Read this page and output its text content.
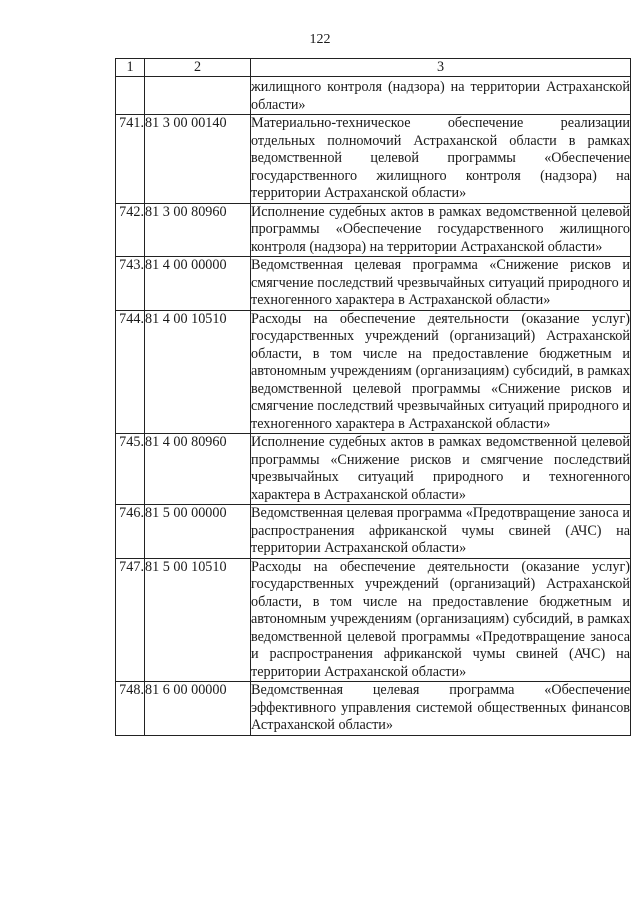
122
1	2	3
		жилищного контроля (надзора) на территории Астраханской области»
741.	81 3 00 00140	Материально-техническое обеспечение реализации отдельных полномочий Астраханской области в рамках ведомственной целевой программы «Обеспечение государственного жилищного контроля (надзора) на территории Астраханской области»
742.	81 3 00 80960	Исполнение судебных актов в рамках ведомственной целевой программы «Обеспечение государственного жилищного контроля (надзора) на территории Астраханской области»
743.	81 4 00 00000	Ведомственная целевая программа «Снижение рисков и смягчение последствий чрезвычайных ситуаций природного и техногенного характера в Астраханской области»
744.	81 4 00 10510	Расходы на обеспечение деятельности (оказание услуг) государственных учреждений (организаций) Астраханской области, в том числе на предоставление бюджетным и автономным учреждениям (организациям) субсидий, в рамках ведомственной целевой программы «Снижение рисков и смягчение последствий чрезвычайных ситуаций природного и техногенного характера в Астраханской области»
745.	81 4 00 80960	Исполнение судебных актов в рамках ведомственной целевой программы «Снижение рисков и смягчение последствий чрезвычайных ситуаций природного и техногенного характера в Астраханской области»
746.	81 5 00 00000	Ведомственная целевая программа «Предотвращение заноса и распространения африканской чумы свиней (АЧС) на территории Астраханской области»
747.	81 5 00 10510	Расходы на обеспечение деятельности (оказание услуг) государственных учреждений (организаций) Астраханской области, в том числе на предоставление бюджетным и автономным учреждениям (организациям) субсидий, в рамках ведомственной целевой программы «Предотвращение заноса и распространения африканской чумы свиней (АЧС) на территории Астраханской области»
748.	81 6 00 00000	Ведомственная целевая программа «Обеспечение эффективного управления системой общественных финансов Астраханской области»
